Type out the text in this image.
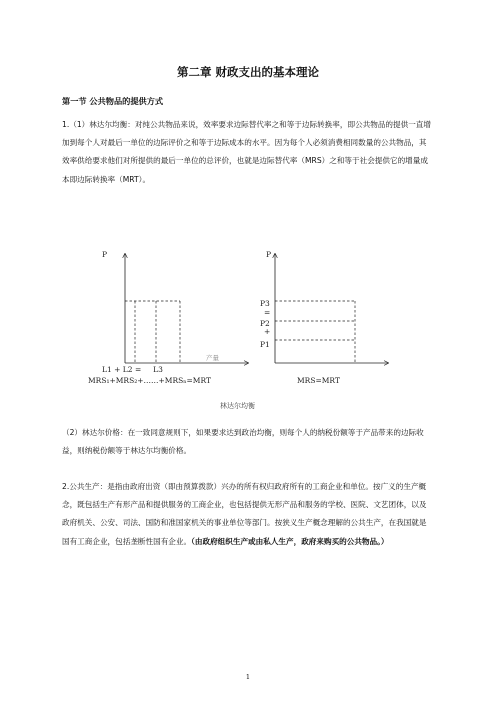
第二章 财政支出的基本理论
第一节 公共物品的提供方式

1.（1）林达尔均衡：对纯公共物品来说，效率要求边际替代率之和等于边际转换率，即公共物品的提供一直增加到每个人对最后一单位的边际评价之和等于边际成本的水平。因为每个人必须消费相同数量的公共物品，其效率供给要求他们对所提供的最后一单位的总评价，也就是边际替代率（MRS）之和等于社会提供它的增量成本即边际转换率（MRT）。

P
产量
L1 + L2 =     L3
MRS₁+MRS₂+……+MRSₙ=MRT
P
P3
=
P2
+
P1
MRS=MRT
林达尔均衡

（2）林达尔价格：在一致同意规则下，如果要求达到政治均衡，则每个人的纳税份额等于产品带来的边际收益，则纳税份额等于林达尔均衡价格。

2.公共生产：是指由政府出资（即由预算拨款）兴办的所有权归政府所有的工商企业和单位。按广义的生产概念，既包括生产有形产品和提供服务的工商企业，也包括提供无形产品和服务的学校、医院、文艺团体，以及政府机关、公安、司法、国防和准国家机关的事业单位等部门。按狭义生产概念理解的公共生产，在我国就是国有工商企业，包括垄断性国有企业。（由政府组织生产或由私人生产，政府来购买的公共物品。）

1
